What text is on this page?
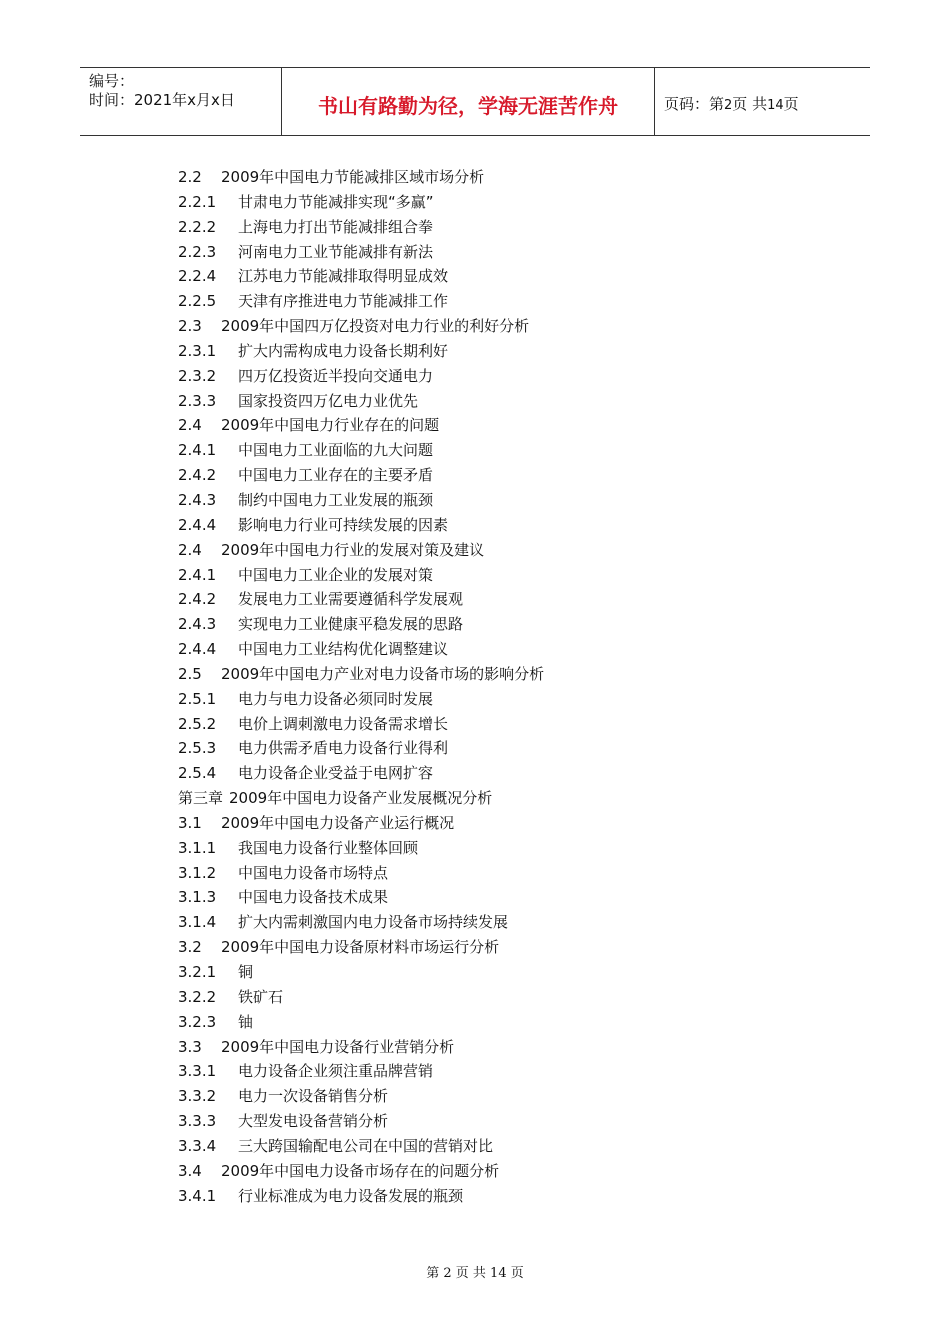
编号：
时间：2021年x月x日	书山有路勤为径，学海无涯苦作舟	页码：第2页 共14页
2.2 2009年中国电力节能减排区域市场分析
2.2.1 甘肃电力节能减排实现“多赢”
2.2.2 上海电力打出节能减排组合拳
2.2.3 河南电力工业节能减排有新法
2.2.4 江苏电力节能减排取得明显成效
2.2.5 天津有序推进电力节能减排工作
2.3 2009年中国四万亿投资对电力行业的利好分析
2.3.1 扩大内需构成电力设备长期利好
2.3.2 四万亿投资近半投向交通电力
2.3.3 国家投资四万亿电力业优先
2.4 2009年中国电力行业存在的问题
2.4.1 中国电力工业面临的九大问题
2.4.2 中国电力工业存在的主要矛盾
2.4.3 制约中国电力工业发展的瓶颈
2.4.4 影响电力行业可持续发展的因素
2.4 2009年中国电力行业的发展对策及建议
2.4.1 中国电力工业企业的发展对策
2.4.2 发展电力工业需要遵循科学发展观
2.4.3 实现电力工业健康平稳发展的思路
2.4.4 中国电力工业结构优化调整建议
2.5 2009年中国电力产业对电力设备市场的影响分析
2.5.1 电力与电力设备必须同时发展
2.5.2 电价上调刺激电力设备需求增长
2.5.3 电力供需矛盾电力设备行业得利
2.5.4 电力设备企业受益于电网扩容
第三章 2009年中国电力设备产业发展概况分析
3.1 2009年中国电力设备产业运行概况
3.1.1 我国电力设备行业整体回顾
3.1.2 中国电力设备市场特点
3.1.3 中国电力设备技术成果
3.1.4 扩大内需刺激国内电力设备市场持续发展
3.2 2009年中国电力设备原材料市场运行分析
3.2.1 铜
3.2.2 铁矿石
3.2.3 铀
3.3 2009年中国电力设备行业营销分析
3.3.1 电力设备企业须注重品牌营销
3.3.2 电力一次设备销售分析
3.3.3 大型发电设备营销分析
3.3.4 三大跨国输配电公司在中国的营销对比
3.4 2009年中国电力设备市场存在的问题分析
3.4.1 行业标准成为电力设备发展的瓶颈
第 2 页 共 14 页
